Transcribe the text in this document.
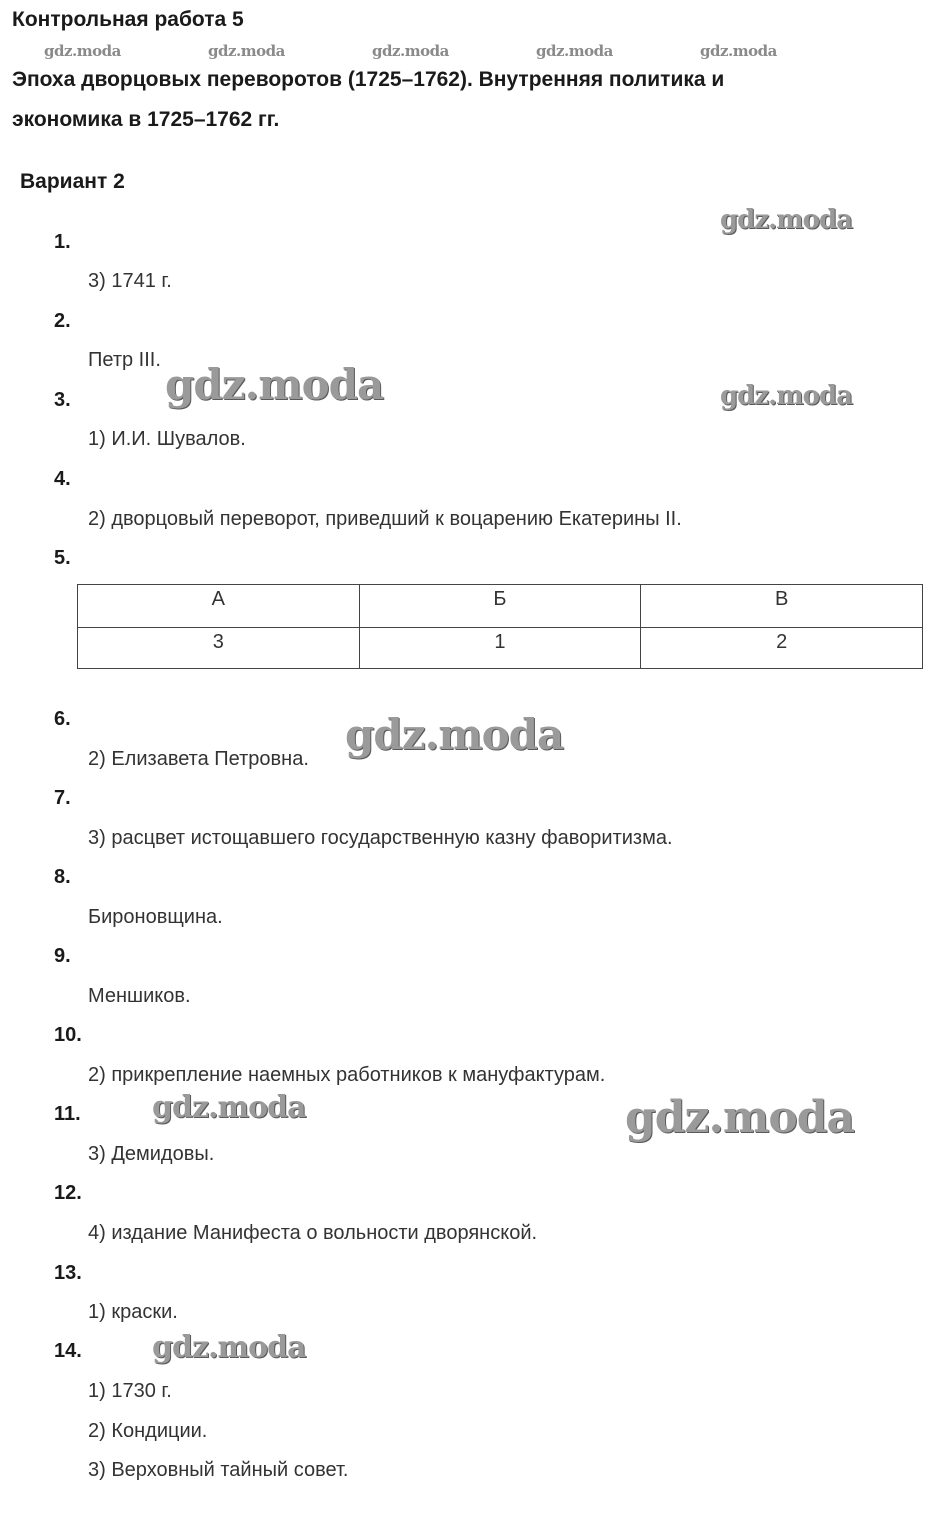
Контрольная работа 5
Эпоха дворцовых переворотов (1725–1762). Внутренняя политика и
экономика в 1725–1762 гг.
Вариант 2
gdz.moda	gdz.moda	gdz.moda	gdz.moda	gdz.moda
1.
3) 1741 г.
2.
Петр III.
3.
1) И.И. Шувалов.
4.
2) дворцовый переворот, приведший к воцарению Екатерины II.
5.
А	Б	В
3	1	2
6.
2) Елизавета Петровна.
7.
3) расцвет истощавшего государственную казну фаворитизма.
8.
Бироновщина.
9.
Меншиков.
10.
2) прикрепление наемных работников к мануфактурам.
11.
3) Демидовы.
12.
4) издание Манифеста о вольности дворянской.
13.
1) краски.
14.
1) 1730 г.
2) Кондиции.
3) Верховный тайный совет.
gdz.moda
gdz.moda	gdz.moda
gdz.moda
gdz.moda	gdz.moda
gdz.moda
